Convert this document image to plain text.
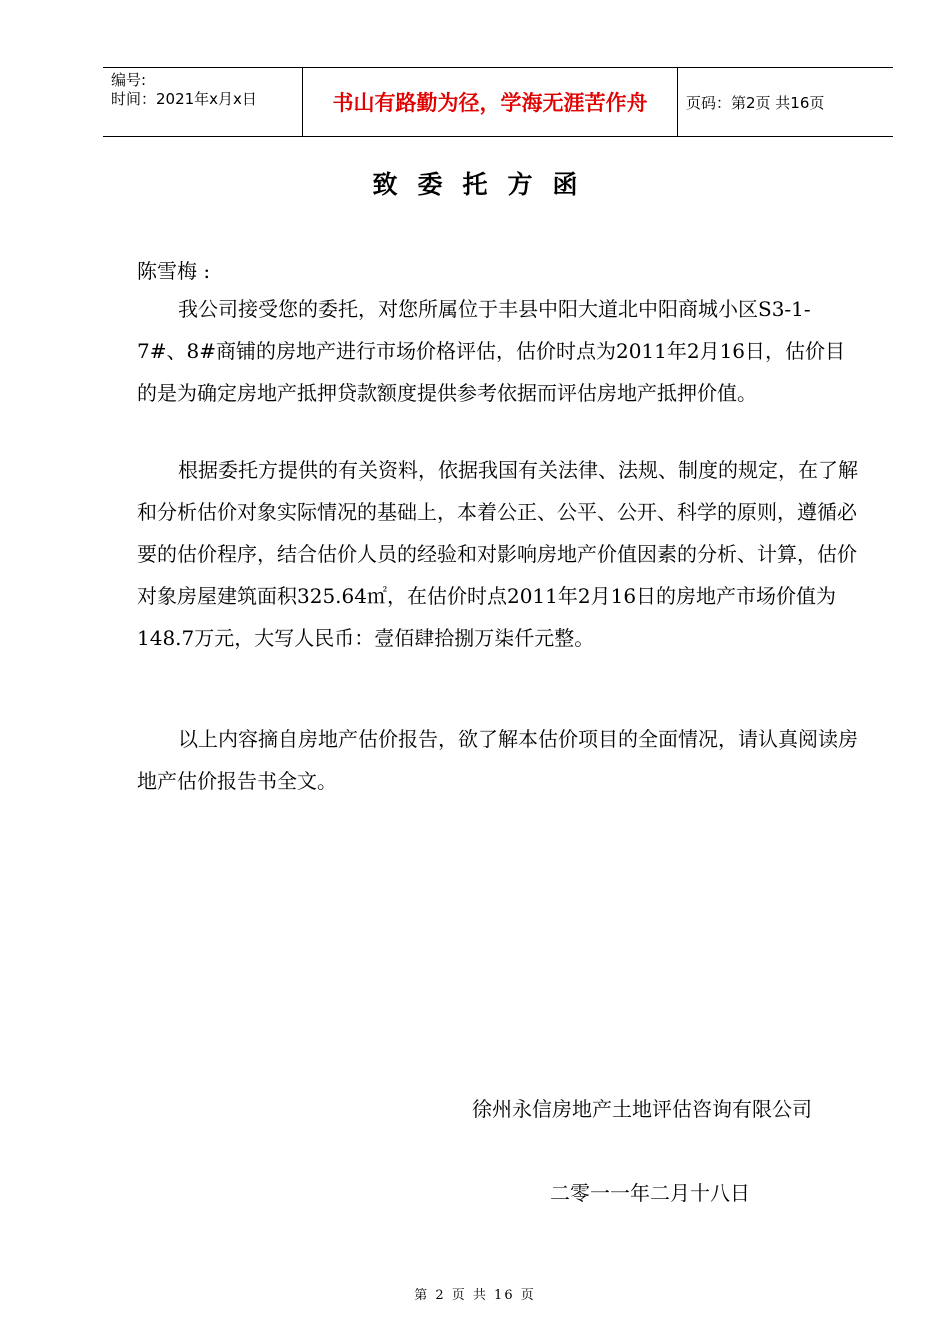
编号:
时间：2021年x月x日	书山有路勤为径，学海无涯苦作舟	页码：第2页 共16页
致委托方函
陈雪梅 :
我公司接受您的委托，对您所属位于丰县中阳大道北中阳商城小区S3-1-7#、8#商铺的房地产进行市场价格评估，估价时点为2011年2月16日，估价目的是为确定房地产抵押贷款额度提供参考依据而评估房地产抵押价值。
根据委托方提供的有关资料，依据我国有关法律、法规、制度的规定，在了解和分析估价对象实际情况的基础上，本着公正、公平、公开、科学的原则，遵循必要的估价程序，结合估价人员的经验和对影响房地产价值因素的分析、计算，估价对象房屋建筑面积325.64㎡，在估价时点2011年2月16日的房地产市场价值为148.7万元，大写人民币：壹佰肆拾捌万柒仟元整。
以上内容摘自房地产估价报告，欲了解本估价项目的全面情况，请认真阅读房地产估价报告书全文。
徐州永信房地产土地评估咨询有限公司
二零一一年二月十八日
第 2 页 共 16 页
